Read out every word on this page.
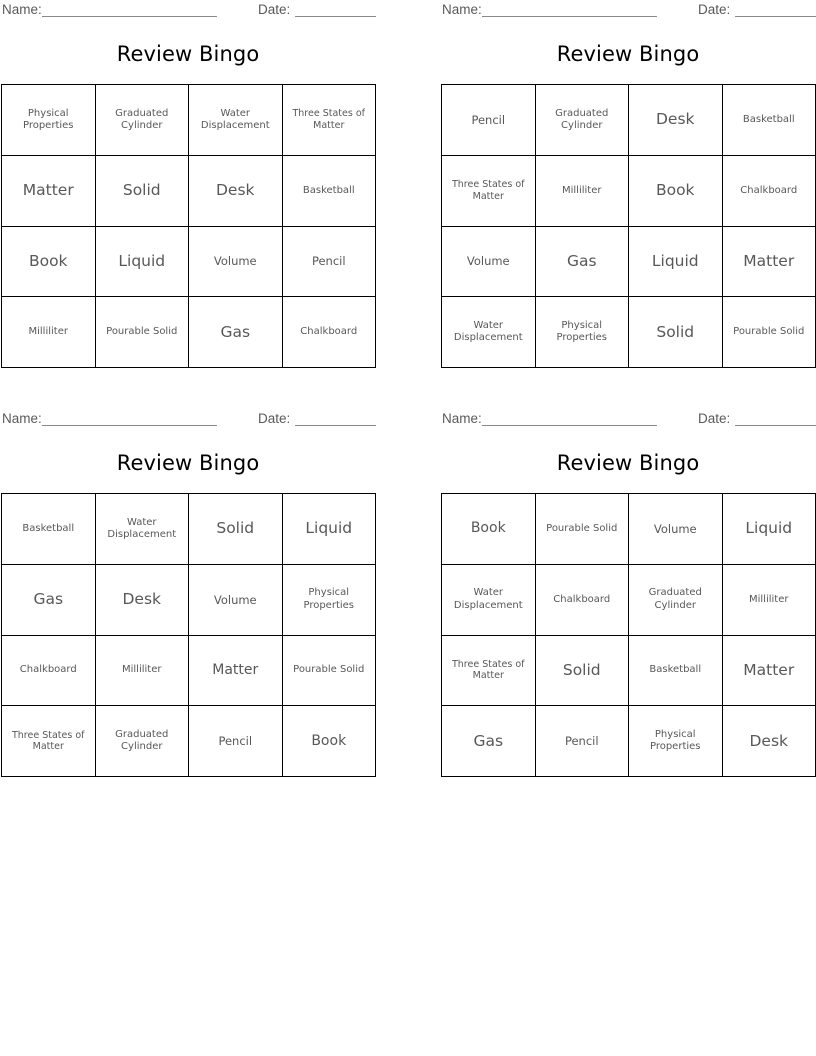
Name:	Date:
Review Bingo
Physical Properties	Graduated Cylinder	Water Displacement	Three States of Matter
Matter	Solid	Desk	Basketball
Book	Liquid	Volume	Pencil
Milliliter	Pourable Solid	Gas	Chalkboard
Name:	Date:
Review Bingo
Pencil	Graduated Cylinder	Desk	Basketball
Three States of Matter	Milliliter	Book	Chalkboard
Volume	Gas	Liquid	Matter
Water Displacement	Physical Properties	Solid	Pourable Solid
Name:	Date:
Review Bingo
Basketball	Water Displacement	Solid	Liquid
Gas	Desk	Volume	Physical Properties
Chalkboard	Milliliter	Matter	Pourable Solid
Three States of Matter	Graduated Cylinder	Pencil	Book
Name:	Date:
Review Bingo
Book	Pourable Solid	Volume	Liquid
Water Displacement	Chalkboard	Graduated Cylinder	Milliliter
Three States of Matter	Solid	Basketball	Matter
Gas	Pencil	Physical Properties	Desk
